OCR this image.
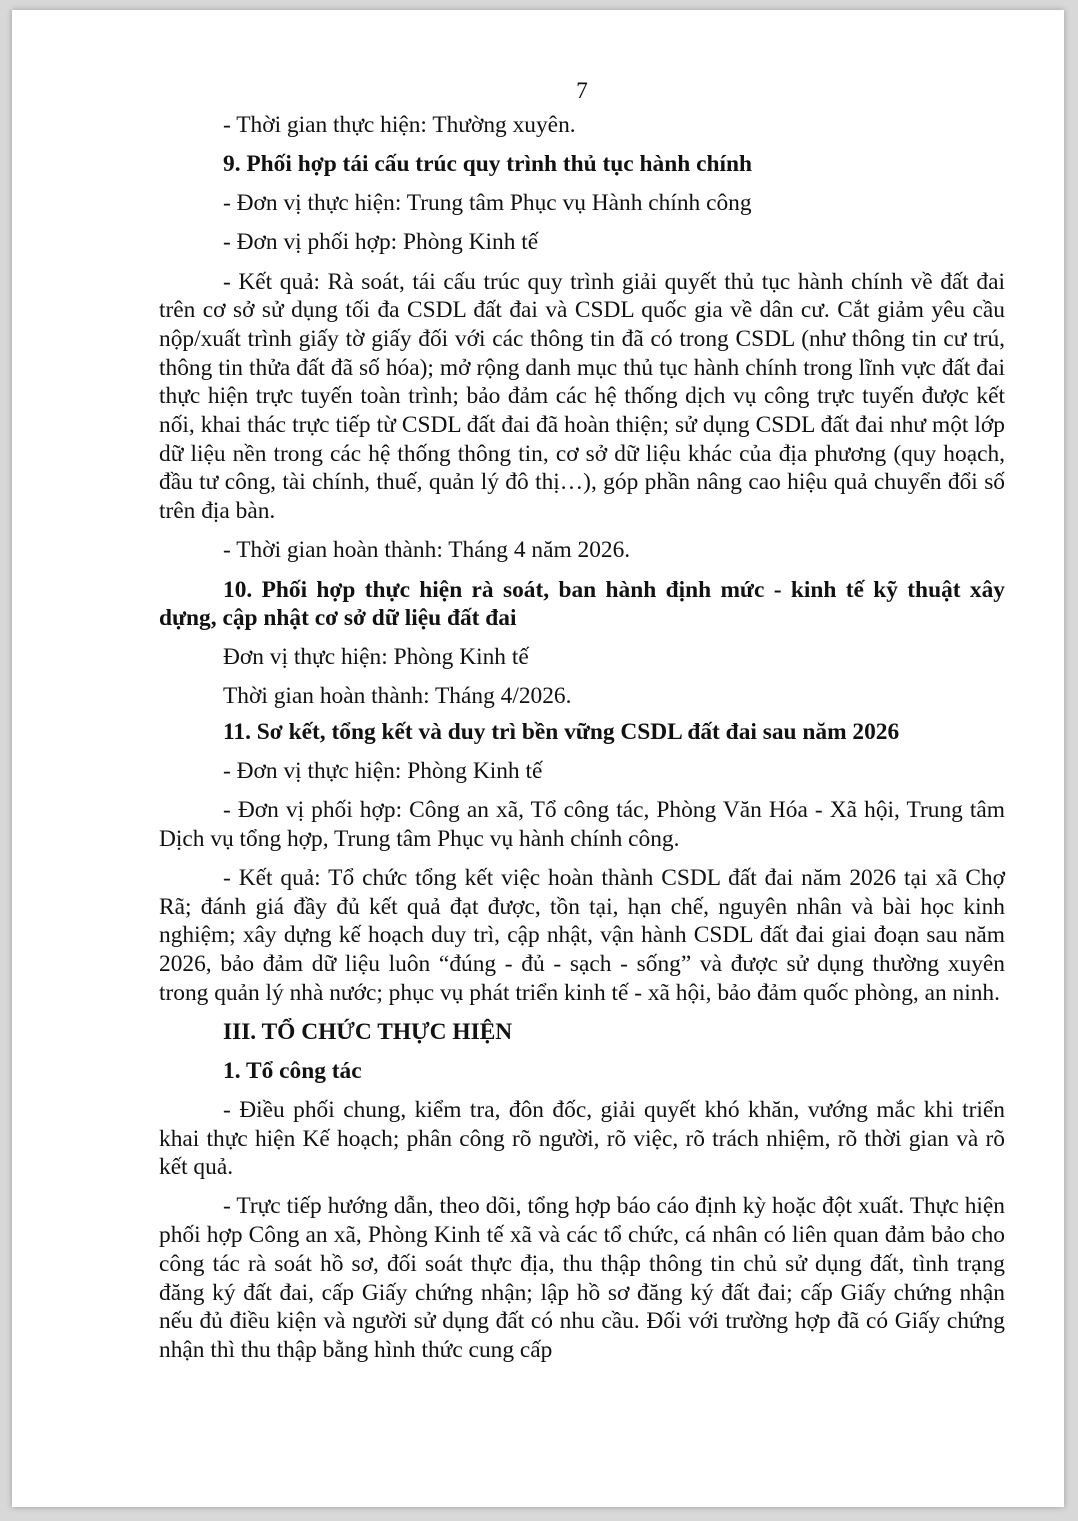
7

- Thời gian thực hiện: Thường xuyên.

9. Phối hợp tái cấu trúc quy trình thủ tục hành chính

- Đơn vị thực hiện: Trung tâm Phục vụ Hành chính công

- Đơn vị phối hợp: Phòng Kinh tế

- Kết quả: Rà soát, tái cấu trúc quy trình giải quyết thủ tục hành chính về đất đai trên cơ sở sử dụng tối đa CSDL đất đai và CSDL quốc gia về dân cư. Cắt giảm yêu cầu nộp/xuất trình giấy tờ giấy đối với các thông tin đã có trong CSDL (như thông tin cư trú, thông tin thửa đất đã số hóa); mở rộng danh mục thủ tục hành chính trong lĩnh vực đất đai thực hiện trực tuyến toàn trình; bảo đảm các hệ thống dịch vụ công trực tuyến được kết nối, khai thác trực tiếp từ CSDL đất đai đã hoàn thiện; sử dụng CSDL đất đai như một lớp dữ liệu nền trong các hệ thống thông tin, cơ sở dữ liệu khác của địa phương (quy hoạch, đầu tư công, tài chính, thuế, quản lý đô thị…), góp phần nâng cao hiệu quả chuyển đổi số trên địa bàn.

- Thời gian hoàn thành: Tháng 4 năm 2026.

10. Phối hợp thực hiện rà soát, ban hành định mức - kinh tế kỹ thuật xây dựng, cập nhật cơ sở dữ liệu đất đai

Đơn vị thực hiện: Phòng Kinh tế

Thời gian hoàn thành: Tháng 4/2026.

11. Sơ kết, tổng kết và duy trì bền vững CSDL đất đai sau năm 2026

- Đơn vị thực hiện: Phòng Kinh tế

- Đơn vị phối hợp: Công an xã, Tổ công tác, Phòng Văn Hóa - Xã hội, Trung tâm Dịch vụ tổng hợp, Trung tâm Phục vụ hành chính công.

- Kết quả: Tổ chức tổng kết việc hoàn thành CSDL đất đai năm 2026 tại xã Chợ Rã; đánh giá đầy đủ kết quả đạt được, tồn tại, hạn chế, nguyên nhân và bài học kinh nghiệm; xây dựng kế hoạch duy trì, cập nhật, vận hành CSDL đất đai giai đoạn sau năm 2026, bảo đảm dữ liệu luôn “đúng - đủ - sạch - sống” và được sử dụng thường xuyên trong quản lý nhà nước; phục vụ phát triển kinh tế - xã hội, bảo đảm quốc phòng, an ninh.

III. TỔ CHỨC THỰC HIỆN

1. Tổ công tác

- Điều phối chung, kiểm tra, đôn đốc, giải quyết khó khăn, vướng mắc khi triển khai thực hiện Kế hoạch; phân công rõ người, rõ việc, rõ trách nhiệm, rõ thời gian và rõ kết quả.

- Trực tiếp hướng dẫn, theo dõi, tổng hợp báo cáo định kỳ hoặc đột xuất. Thực hiện phối hợp Công an xã, Phòng Kinh tế xã và các tổ chức, cá nhân có liên quan đảm bảo cho công tác rà soát hồ sơ, đối soát thực địa, thu thập thông tin chủ sử dụng đất, tình trạng đăng ký đất đai, cấp Giấy chứng nhận; lập hồ sơ đăng ký đất đai; cấp Giấy chứng nhận nếu đủ điều kiện và người sử dụng đất có nhu cầu. Đối với trường hợp đã có Giấy chứng nhận thì thu thập bằng hình thức cung cấp
